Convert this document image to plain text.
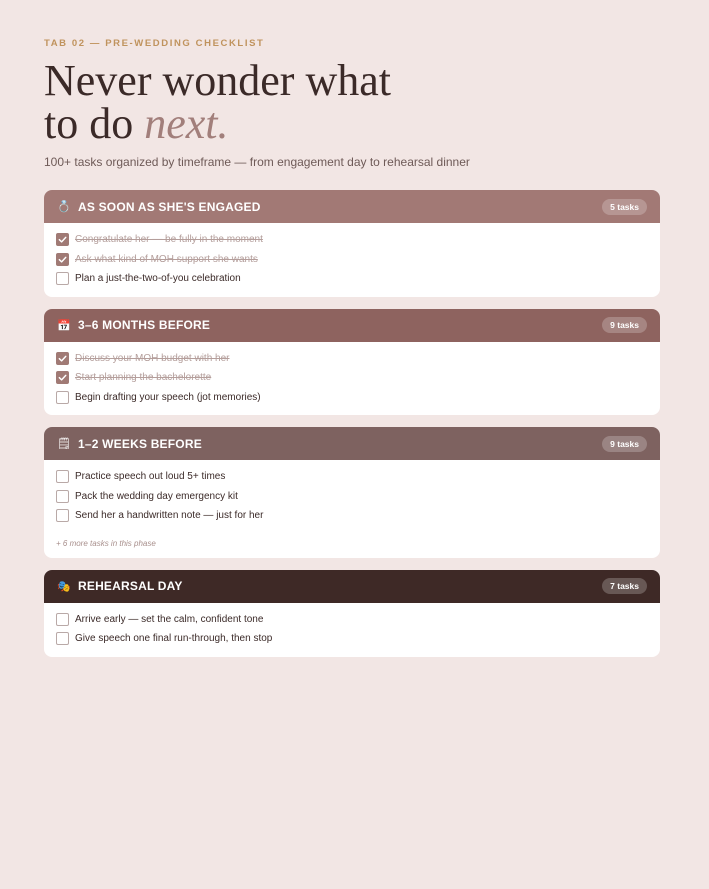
TAB 02 — PRE-WEDDING CHECKLIST
Never wonder what
to do next.
100+ tasks organized by timeframe — from engagement day to rehearsal dinner
💍 AS SOON AS SHE'S ENGAGED	5 tasks
Congratulate her — be fully in the moment
Ask what kind of MOH support she wants
Plan a just-the-two-of-you celebration
📅 3–6 MONTHS BEFORE	9 tasks
Discuss your MOH budget with her
Start planning the bachelorette
Begin drafting your speech (jot memories)
🗒 1–2 WEEKS BEFORE	9 tasks
Practice speech out loud 5+ times
Pack the wedding day emergency kit
Send her a handwritten note — just for her
+ 6 more tasks in this phase
🎭 REHEARSAL DAY	7 tasks
Arrive early — set the calm, confident tone
Give speech one final run-through, then stop
